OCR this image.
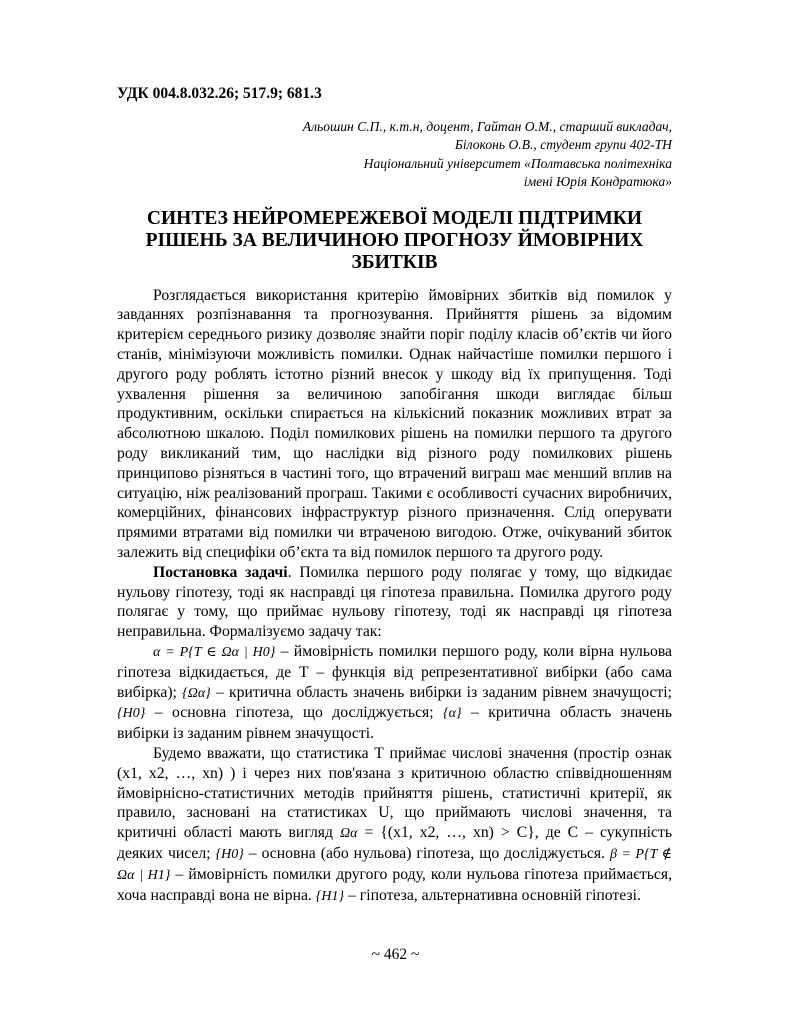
УДК 004.8.032.26; 517.9; 681.3

Альошин С.П., к.т.н, доцент, Гайтан О.М., старший викладач,
Білоконь О.В., студент групи 402-ТН
Національний університет «Полтавська політехніка
імені Юрія Кондратюка»
СИНТЕЗ НЕЙРОМЕРЕЖЕВОЇ МОДЕЛІ ПІДТРИМКИ
РІШЕНЬ ЗА ВЕЛИЧИНОЮ ПРОГНОЗУ ЙМОВІРНИХ
ЗБИТКІВ

Розглядається використання критерію ймовірних збитків від помилок у завданнях розпізнавання та прогнозування. Прийняття рішень за відомим критерієм середнього ризику дозволяє знайти поріг поділу класів об’єктів чи його станів, мінімізуючи можливість помилки. Однак найчастіше помилки першого і другого роду роблять істотно різний внесок у шкоду від їх припущення. Тоді ухвалення рішення за величиною запобігання шкоди виглядає більш продуктивним, оскільки спирається на кількісний показник можливих втрат за абсолютною шкалою. Поділ помилкових рішень на помилки першого та другого роду викликаний тим, що наслідки від різного роду помилкових рішень принципово різняться в частині того, що втрачений виграш має менший вплив на ситуацію, ніж реалізований програш. Такими є особливості сучасних виробничих, комерційних, фінансових інфраструктур різного призначення. Слід оперувати прямими втратами від помилки чи втраченою вигодою. Отже, очікуваний збиток залежить від специфіки об’єкта та від помилок першого та другого роду.

Постановка задачі. Помилка першого роду полягає у тому, що відкидає нульову гіпотезу, тоді як насправді ця гіпотеза правильна. Помилка другого роду полягає у тому, що приймає нульову гіпотезу, тоді як насправді ця гіпотеза неправильна. Формалізуємо задачу так:

α = P{T ∈ Ωα | H0} – ймовірність помилки першого роду, коли вірна нульова гіпотеза відкидається, де Т – функція від репрезентативної вибірки (або сама вибірка); {Ωα} – критична область значень вибірки із заданим рівнем значущості; {H0} – основна гіпотеза, що досліджується; {α} – критична область значень вибірки із заданим рівнем значущості.

Будемо вважати, що статистика Т приймає числові значення (простір ознак (x1, x2, …, xn) ) і через них пов'язана з критичною областю співвідношенням ймовірнісно-статистичних методів прийняття рішень, статистичні критерії, як правило, засновані на статистиках U, що приймають числові значення, та критичні області мають вигляд Ωα = {(x1, x2, …, xn) > C}, де С – сукупність деяких чисел; {H0} – основна (або нульова) гіпотеза, що досліджується. β = P{T ∉ Ωα | H1} – ймовірність помилки другого роду, коли нульова гіпотеза приймається, хоча насправді вона не вірна. {H1} – гіпотеза, альтернативна основній гіпотезі.

~ 462 ~
